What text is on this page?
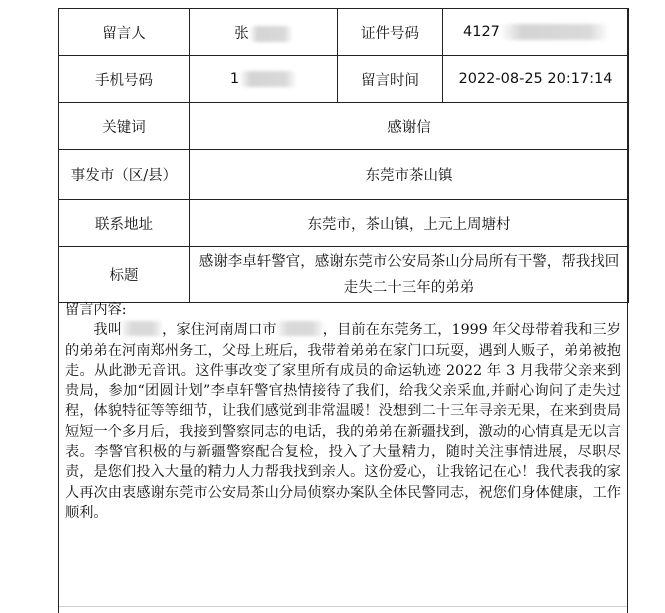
留言人	张	证件号码	4127
手机号码	1	留言时间	2022-08-25 20:17:14
关键词	感谢信		
事发市（区/县）	东莞市茶山镇		
联系地址	东莞市，茶山镇，上元上周塘村		
标题	感谢李卓轩警官，感谢东莞市公安局茶山分局所有干警，帮我找回走失二十三年的弟弟		
留言内容:

我叫	，家住河南周口市	，目前在东莞务工，1999 年父母带着我和三岁的弟弟在河南郑州务工，父母上班后，我带着弟弟在家门口玩耍，遇到人贩子，弟弟被抱走。从此渺无音讯。这件事改变了家里所有成员的命运轨迹 2022 年 3 月我带父亲来到贵局，参加“团圆计划”李卓轩警官热情接待了我们，给我父亲采血,并耐心询问了走失过程，体貌特征等等细节，让我们感觉到非常温暖！没想到二十三年寻亲无果，在来到贵局短短一个多月后，我接到警察同志的电话，我的弟弟在新疆找到，激动的心情真是无以言表。李警官积极的与新疆警察配合复检，投入了大量精力，随时关注事情进展，尽职尽责，是您们投入大量的精力人力帮我找到亲人。这份爱心，让我铭记在心！我代表我的家人再次由衷感谢东莞市公安局茶山分局侦察办案队全体民警同志，祝您们身体健康，工作顺利。
